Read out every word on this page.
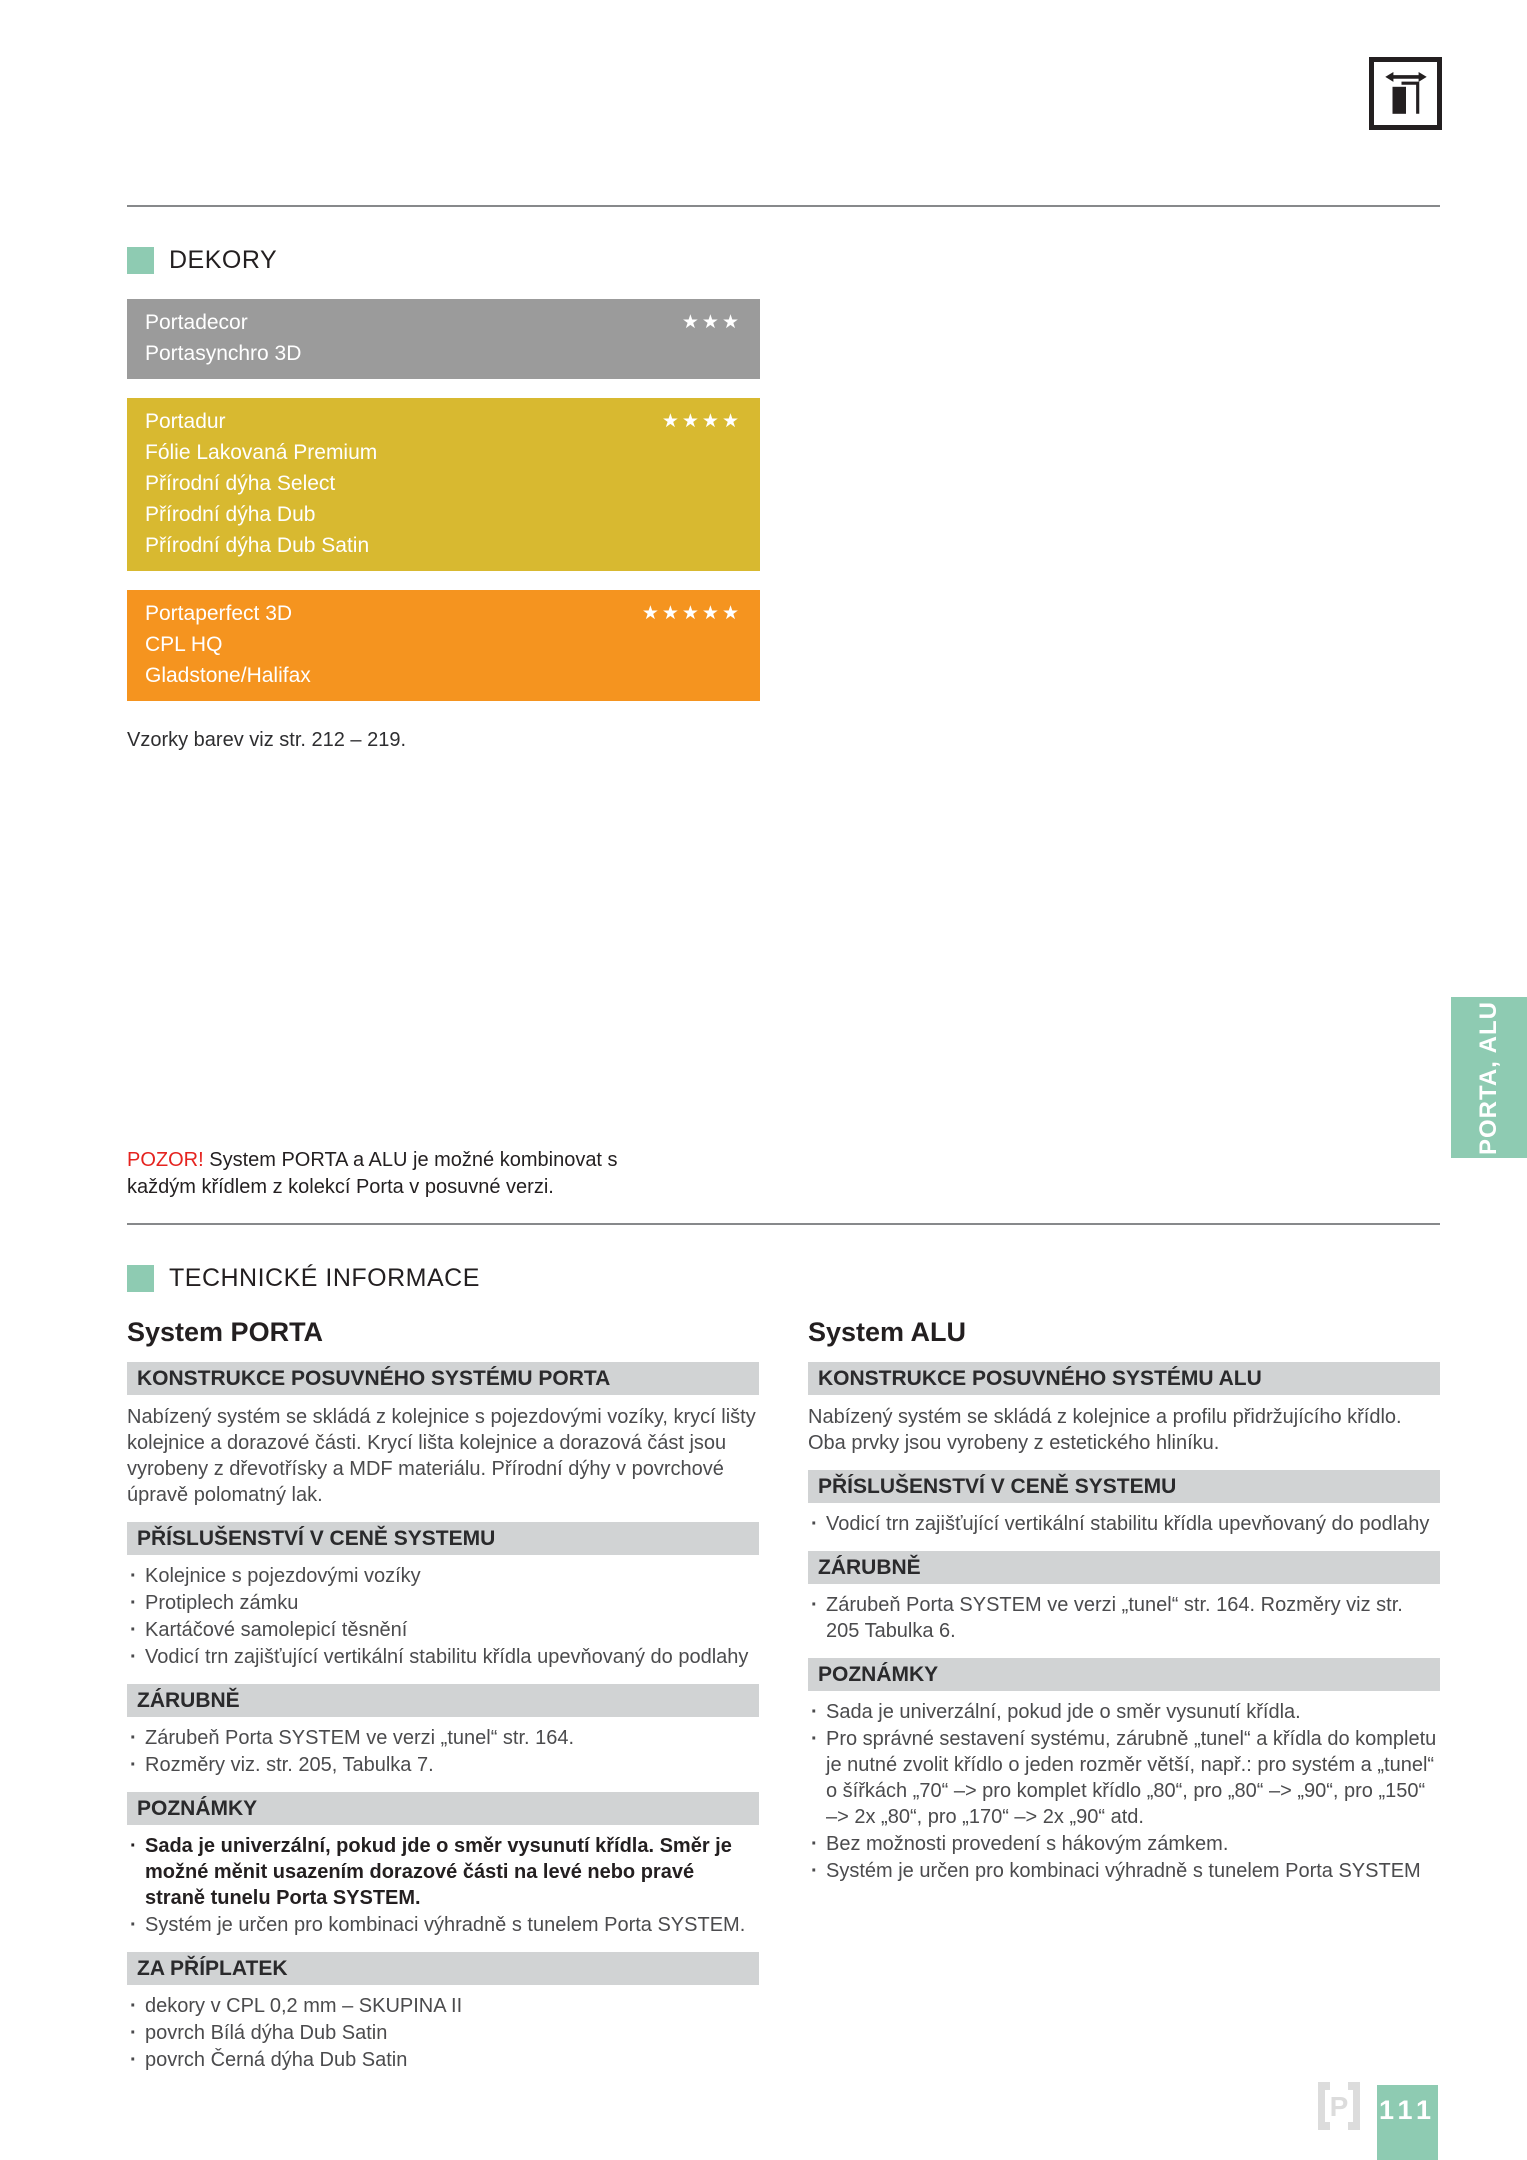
DEKORY
Portadecor
Portasynchro 3D
★★★
Portadur
Fólie Lakovaná Premium
Přírodní dýha Select
Přírodní dýha Dub
Přírodní dýha Dub Satin
★★★★
Portaperfect 3D
CPL HQ
Gladstone/Halifax
★★★★★
Vzorky barev viz str. 212 – 219.

POZOR! System PORTA a ALU je možné kombinovat s každým křídlem z kolekcí Porta v posuvné verzi.

TECHNICKÉ INFORMACE
System PORTA
KONSTRUKCE POSUVNÉHO SYSTÉMU PORTA

Nabízený systém se skládá z kolejnice s pojezdovými vozíky, krycí lišty kolejnice a dorazové části. Krycí lišta kolejnice a dorazová část jsou vyrobeny z dřevotřísky a MDF materiálu. Přírodní dýhy v povrchové úpravě polomatný lak.

PŘÍSLUŠENSTVÍ V CENĚ SYSTEMU
· Kolejnice s pojezdovými vozíky
· Protiplech zámku
· Kartáčové samolepicí těsnění
· Vodicí trn zajišťující vertikální stabilitu křídla upevňovaný do podlahy
ZÁRUBNĚ
· Zárubeň Porta SYSTEM ve verzi „tunel“ str. 164.
· Rozměry viz. str. 205, Tabulka 7.
POZNÁMKY
· Sada je univerzální, pokud jde o směr vysunutí křídla. Směr je možné měnit usazením dorazové části na levé nebo pravé straně tunelu Porta SYSTEM.
· Systém je určen pro kombinaci výhradně s tunelem Porta SYSTEM.
ZA PŘÍPLATEK
· dekory v CPL 0,2 mm – SKUPINA II
· povrch Bílá dýha Dub Satin
· povrch Černá dýha Dub Satin
System ALU
KONSTRUKCE POSUVNÉHO SYSTÉMU ALU

Nabízený systém se skládá z kolejnice a profilu přidržujícího křídlo. Oba prvky jsou vyrobeny z estetického hliníku.

PŘÍSLUŠENSTVÍ V CENĚ SYSTEMU
· Vodicí trn zajišťující vertikální stabilitu křídla upevňovaný do podlahy
ZÁRUBNĚ
· Zárubeň Porta SYSTEM ve verzi „tunel“ str. 164. Rozměry viz str. 205 Tabulka 6.
POZNÁMKY
· Sada je univerzální, pokud jde o směr vysunutí křídla.
· Pro správné sestavení systému, zárubně „tunel“ a křídla do kompletu je nutné zvolit křídlo o jeden rozměr větší, např.: pro systém a „tunel“ o šířkách „70“ –> pro komplet křídlo „80“, pro „80“ –> „90“, pro „150“ –> 2x „80“, pro „170“ –> 2x „90“ atd.
· Bez možnosti provedení s hákovým zámkem.
· Systém je určen pro kombinaci výhradně s tunelem Porta SYSTEM
PORTA, ALU
P 111
